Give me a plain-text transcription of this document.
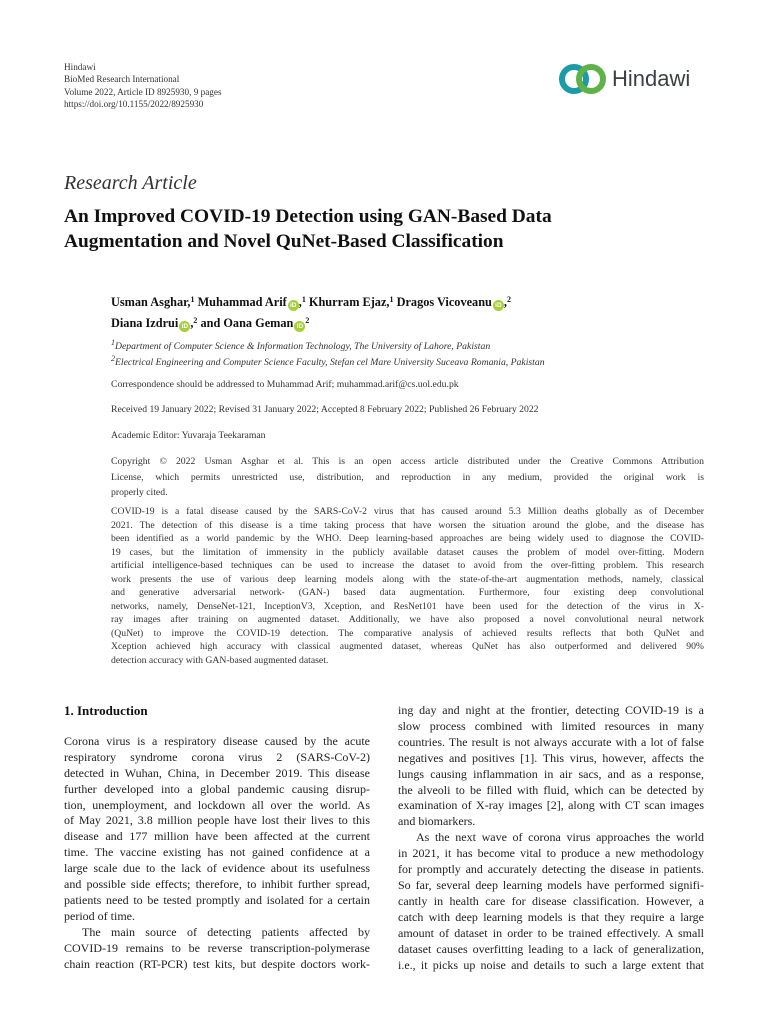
Hindawi
BioMed Research International
Volume 2022, Article ID 8925930, 9 pages
https://doi.org/10.1155/2022/8925930
Hindawi
Research Article
An Improved COVID-19 Detection using GAN-Based Data
Augmentation and Novel QuNet-Based Classification
Usman Asghar,$^1$ Muhammad Arif iD ,$^1$ Khurram Ejaz,$^1$ Dragos Vicoveanu iD ,$^2$
Diana Izdrui iD ,$^2$ and Oana Geman $iD^2$
$^1$Department of Computer Science & Information Technology, The University of Lahore, Pakistan
$^2$Electrical Engineering and Computer Science Faculty, Stefan cel Mare University Suceava Romania, Pakistan
Correspondence should be addressed to Muhammad Arif; muhammad.arif@cs.uol.edu.pk
Received 19 January 2022; Revised 31 January 2022; Accepted 8 February 2022; Published 26 February 2022
Academic Editor: Yuvaraja Teekaraman
Copyright © 2022 Usman Asghar et al. This is an open access article distributed under the Creative Commons Attribution
License, which permits unrestricted use, distribution, and reproduction in any medium, provided the original work is
properly cited.
COVID-19 is a fatal disease caused by the SARS-CoV-2 virus that has caused around 5.3 Million deaths globally as of December
2021. The detection of this disease is a time taking process that have worsen the situation around the globe, and the disease has
been identified as a world pandemic by the WHO. Deep learning-based approaches are being widely used to diagnose the COVID-
19 cases, but the limitation of immensity in the publicly available dataset causes the problem of model over-fitting. Modern
artificial intelligence-based techniques can be used to increase the dataset to avoid from the over-fitting problem. This research
work presents the use of various deep learning models along with the state-of-the-art augmentation methods, namely, classical
and generative adversarial network- (GAN-) based data augmentation. Furthermore, four existing deep convolutional
networks, namely, DenseNet-121, InceptionV3, Xception, and ResNet101 have been used for the detection of the virus in X-
ray images after training on augmented dataset. Additionally, we have also proposed a novel convolutional neural network
(QuNet) to improve the COVID-19 detection. The comparative analysis of achieved results reflects that both QuNet and
Xception achieved high accuracy with classical augmented dataset, whereas QuNet has also outperformed and delivered 90%
detection accuracy with GAN-based augmented dataset.
1. Introduction
Corona virus is a respiratory disease caused by the acute
respiratory syndrome corona virus 2 (SARS-CoV-2)
detected in Wuhan, China, in December 2019. This disease
further developed into a global pandemic causing disrup-
tion, unemployment, and lockdown all over the world. As
of May 2021, 3.8 million people have lost their lives to this
disease and 177 million have been affected at the current
time. The vaccine existing has not gained confidence at a
large scale due to the lack of evidence about its usefulness
and possible side effects; therefore, to inhibit further spread,
patients need to be tested promptly and isolated for a certain
period of time.
The main source of detecting patients affected by
COVID-19 remains to be reverse transcription-polymerase
chain reaction (RT-PCR) test kits, but despite doctors work-
ing day and night at the frontier, detecting COVID-19 is a
slow process combined with limited resources in many
countries. The result is not always accurate with a lot of false
negatives and positives [1]. This virus, however, affects the
lungs causing inflammation in air sacs, and as a response,
the alveoli to be filled with fluid, which can be detected by
examination of X-ray images [2], along with CT scan images
and biomarkers.
As the next wave of corona virus approaches the world
in 2021, it has become vital to produce a new methodology
for promptly and accurately detecting the disease in patients.
So far, several deep learning models have performed signifi-
cantly in health care for disease classification. However, a
catch with deep learning models is that they require a large
amount of dataset in order to be trained effectively. A small
dataset causes overfitting leading to a lack of generalization,
i.e., it picks up noise and details to such a large extent that
